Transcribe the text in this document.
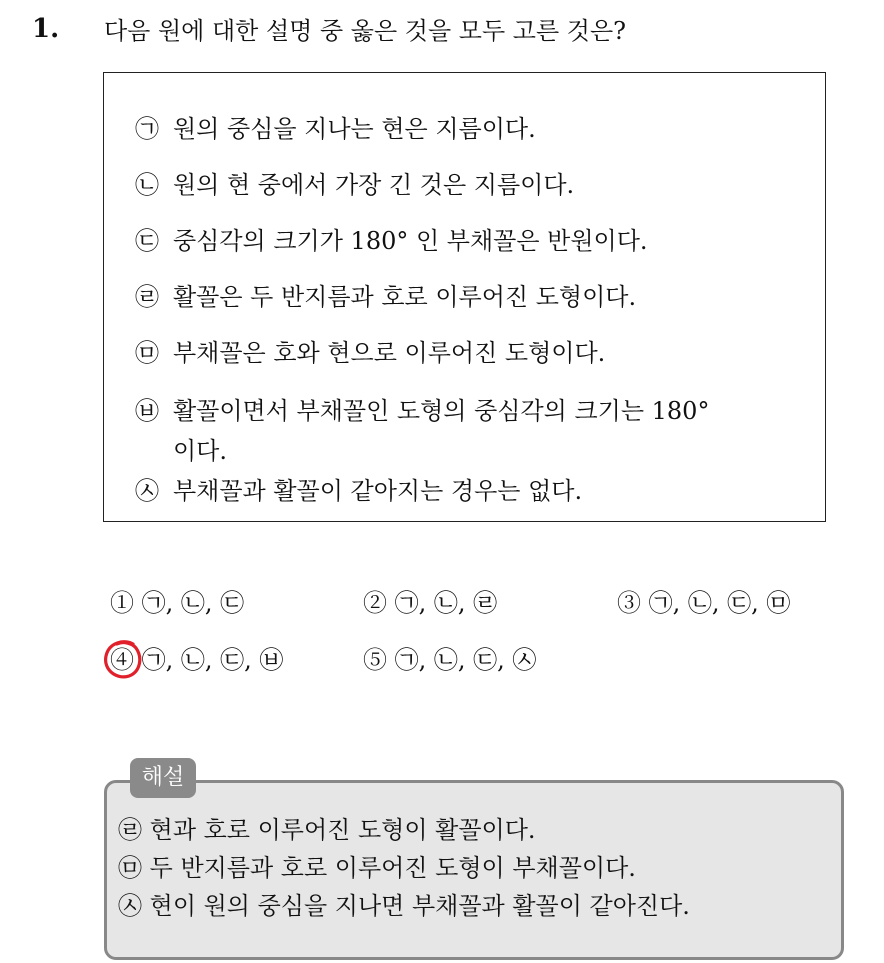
1. 다음 원에 대한 설명 중 옳은 것을 모두 고른 것은?
㉠ 원의 중심을 지나는 현은 지름이다.
㉡ 원의 현 중에서 가장 긴 것은 지름이다.
㉢ 중심각의 크기가 180° 인 부채꼴은 반원이다.
㉣ 활꼴은 두 반지름과 호로 이루어진 도형이다.
㉤ 부채꼴은 호와 현으로 이루어진 도형이다.
㉥ 활꼴이면서 부채꼴인 도형의 중심각의 크기는 180°
이다.
㉦ 부채꼴과 활꼴이 같아지는 경우는 없다.
① ㉠, ㉡, ㉢	② ㉠, ㉡, ㉣	③ ㉠, ㉡, ㉢, ㉤
④ ㉠, ㉡, ㉢, ㉥	⑤ ㉠, ㉡, ㉢, ㉦
해설
㉣ 현과 호로 이루어진 도형이 활꼴이다.
㉤ 두 반지름과 호로 이루어진 도형이 부채꼴이다.
㉦ 현이 원의 중심을 지나면 부채꼴과 활꼴이 같아진다.
